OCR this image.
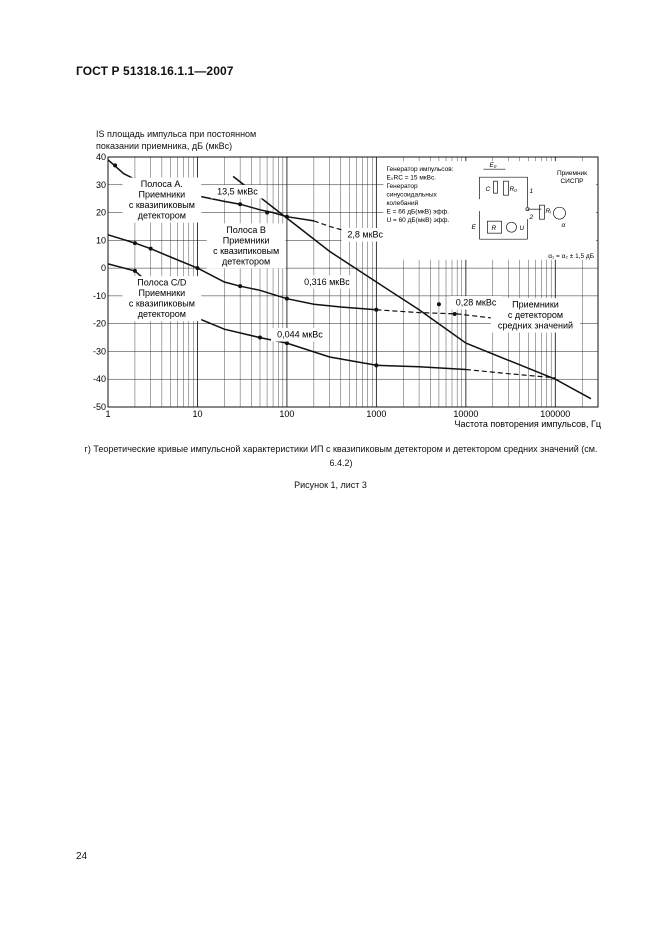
ГОСТ Р 51318.16.1.1—2007
IS площадь импульса при постоянном
показании приемника, дБ (мкВс)
40
30
20
10
0
-10
-20
-30
-40
-50
1	10	100	1000	10000	100000
Частота повторения импульсов, Гц
Полоса А.
Приемники
с квазипиковым
детектором
Полоса В
Приемники
с квазипиковым
детектором
Полоса С/D
Приемники
с квазипиковым
детектором
Приемники
с детектором
средних значений
13,5 мкВс
2,8 мкВс
0,316 мкВс
0,28 мкВс
0,044 мкВс
Генератор импульсов:
E₀RC = 15 мкВс.
Генератор
синусоидальных
колебаний
E = 66 дБ(мкВ) эфф.
U = 60 дБ(мкВ) эфф.
Приемник
СИСПР
α₁ = α₂ ± 1,5 дБ
E₀
C	R₀ 1
2
Rᵢ
α
R	U
E
г) Теоретические кривые импульсной характеристики ИП с квазипиковым детектором и детектором средних значений (см. 6.4.2)
Рисунок 1, лист 3
24
